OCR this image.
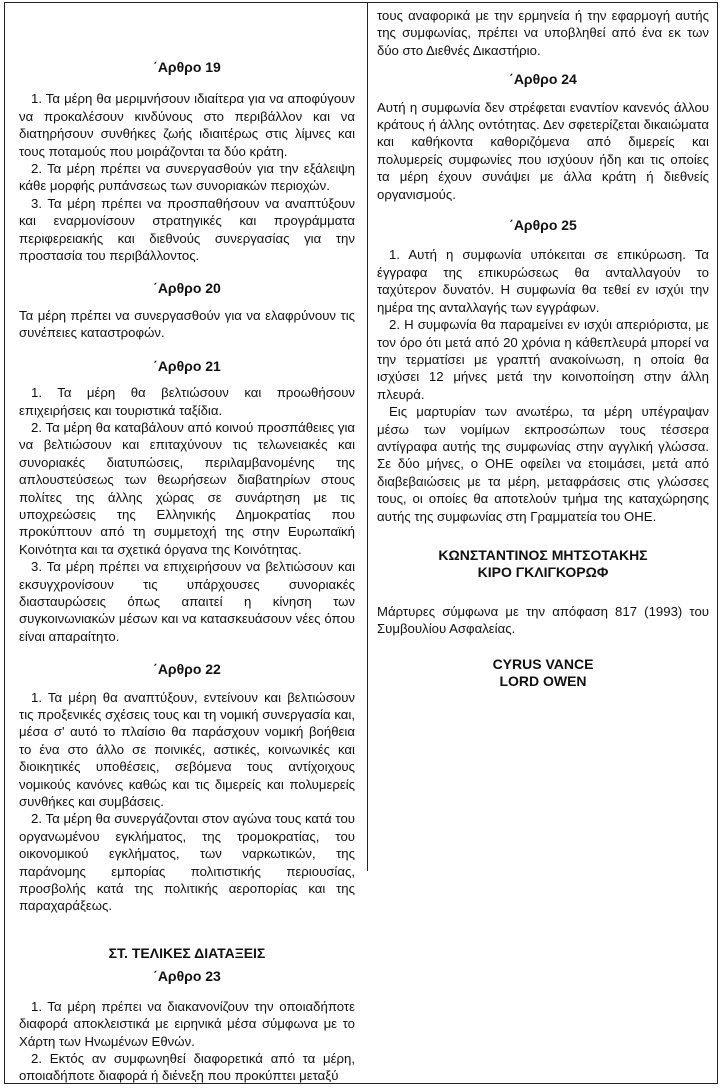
΄Αρθρο 19

1. Τα μέρη θα μεριμνήσουν ιδιαίτερα για να αποφύγουν να προκαλέσουν κινδύνους στο περιβάλλον και να διατηρήσουν συνθήκες ζωής ιδιαιτέρως στις λίμνες και τους ποταμούς που μοιράζονται τα δύο κράτη.

2. Τα μέρη πρέπει να συνεργασθούν για την εξάλειψη κάθε μορφής ρυπάνσεως των συνοριακών περιοχών.

3. Τα μέρη πρέπει να προσπαθήσουν να αναπτύξουν και εναρμονίσουν στρατηγικές και προγράμματα περιφερειακής και διεθνούς συνεργασίας για την προστασία του περιβάλλοντος.

΄Αρθρο 20

Τα μέρη πρέπει να συνεργασθούν για να ελαφρύνουν τις συνέπειες καταστροφών.

΄Αρθρο 21

1. Τα μέρη θα βελτιώσουν και προωθήσουν επιχειρήσεις και τουριστικά ταξίδια.

2. Τα μέρη θα καταβάλουν από κοινού προσπάθειες για να βελτιώσουν και επιταχύνουν τις τελωνειακές και συνοριακές διατυπώσεις, περιλαμβανομένης της απλουστεύσεως των θεωρήσεων διαβατηρίων στους πολίτες της άλλης χώρας σε συνάρτηση με τις υποχρεώσεις της Ελληνικής Δημοκρατίας που προκύπτουν από τη συμμετοχή της στην Ευρωπαϊκή Κοινότητα και τα σχετικά όργανα της Κοινότητας.

3. Τα μέρη πρέπει να επιχειρήσουν να βελτιώσουν και εκσυγχρονίσουν τις υπάρχουσες συνοριακές διασταυρώσεις όπως απαιτεί η κίνηση των συγκοινωνιακών μέσων και να κατασκευάσουν νέες όπου είναι απαραίτητο.

΄Αρθρο 22

1. Τα μέρη θα αναπτύξουν, εντείνουν και βελτιώσουν τις προξενικές σχέσεις τους και τη νομική συνεργασία και, μέσα σ' αυτό το πλαίσιο θα παράσχουν νομική βοήθεια το ένα στο άλλο σε ποινικές, αστικές, κοινωνικές και διοικητικές υποθέσεις, σεβόμενα τους αντίχοιχους νομικούς κανόνες καθώς και τις διμερείς και πολυμερείς συνθήκες και συμβάσεις.

2. Τα μέρη θα συνεργάζονται στον αγώνα τους κατά του οργανωμένου εγκλήματος, της τρομοκρατίας, του οικονομικού εγκλήματος, των ναρκωτικών, της παράνομης εμπορίας πολιτιστικής περιουσίας, προσβολής κατά της πολιτικής αεροπορίας και της παραχαράξεως.

ΣΤ. ΤΕΛΙΚΕΣ ΔΙΑΤΑΞΕΙΣ

΄Αρθρο 23

1. Τα μέρη πρέπει να διακανονίζουν την οποιαδήποτε διαφορά αποκλειστικά με ειρηνικά μέσα σύμφωνα με το Χάρτη των Ηνωμένων Εθνών.

2. Εκτός αν συμφωνηθεί διαφορετικά από τα μέρη, οποιαδήποτε διαφορά ή διένεξη που προκύπτει μεταξύ

τους αναφορικά με την ερμηνεία ή την εφαρμογή αυτής της συμφωνίας, πρέπει να υποβληθεί από ένα εκ των δύο στο Διεθνές Δικαστήριο.

΄Αρθρο 24

Αυτή η συμφωνία δεν στρέφεται εναντίον κανενός άλλου κράτους ή άλλης οντότητας. Δεν σφετερίζεται δικαιώματα και καθήκοντα καθοριζόμενα από διμερείς και πολυμερείς συμφωνίες που ισχύουν ήδη και τις οποίες τα μέρη έχουν συνάψει με άλλα κράτη ή διεθνείς οργανισμούς.

΄Αρθρο 25

1. Αυτή η συμφωνία υπόκειται σε επικύρωση. Τα έγγραφα της επικυρώσεως θα ανταλλαγούν το ταχύτερον δυνατόν. Η συμφωνία θα τεθεί εν ισχύι την ημέρα της ανταλλαγής των εγγράφων.

2. Η συμφωνία θα παραμείνει εν ισχύι απεριόριστα, με τον όρο ότι μετά από 20 χρόνια η κάθεπλευρά μπορεί να την τερματίσει με γραπτή ανακοίνωση, η οποία θα ισχύσει 12 μήνες μετά την κοινοποίηση στην άλλη πλευρά.

Εις μαρτυρίαν των ανωτέρω, τα μέρη υπέγραψαν μέσω των νομίμων εκπροσώπων τους τέσσερα αντίγραφα αυτής της συμφωνίας στην αγγλική γλώσσα. Σε δύο μήνες, ο ΟΗΕ οφείλει να ετοιμάσει, μετά από διαβεβαιώσεις με τα μέρη, μεταφράσεις στις γλώσσες τους, οι οποίες θα αποτελούν τμήμα της καταχώρησης αυτής της συμφωνίας στη Γραμματεία του ΟΗΕ.

ΚΩΝΣΤΑΝΤΙΝΟΣ ΜΗΤΣΟΤΑΚΗΣ

ΚΙΡΟ ΓΚΛΙΓΚΟΡΩΦ

Μάρτυρες σύμφωνα με την απόφαση 817 (1993) του Συμβουλίου Ασφαλείας.

CYRUS VANCE

LORD OWEN
